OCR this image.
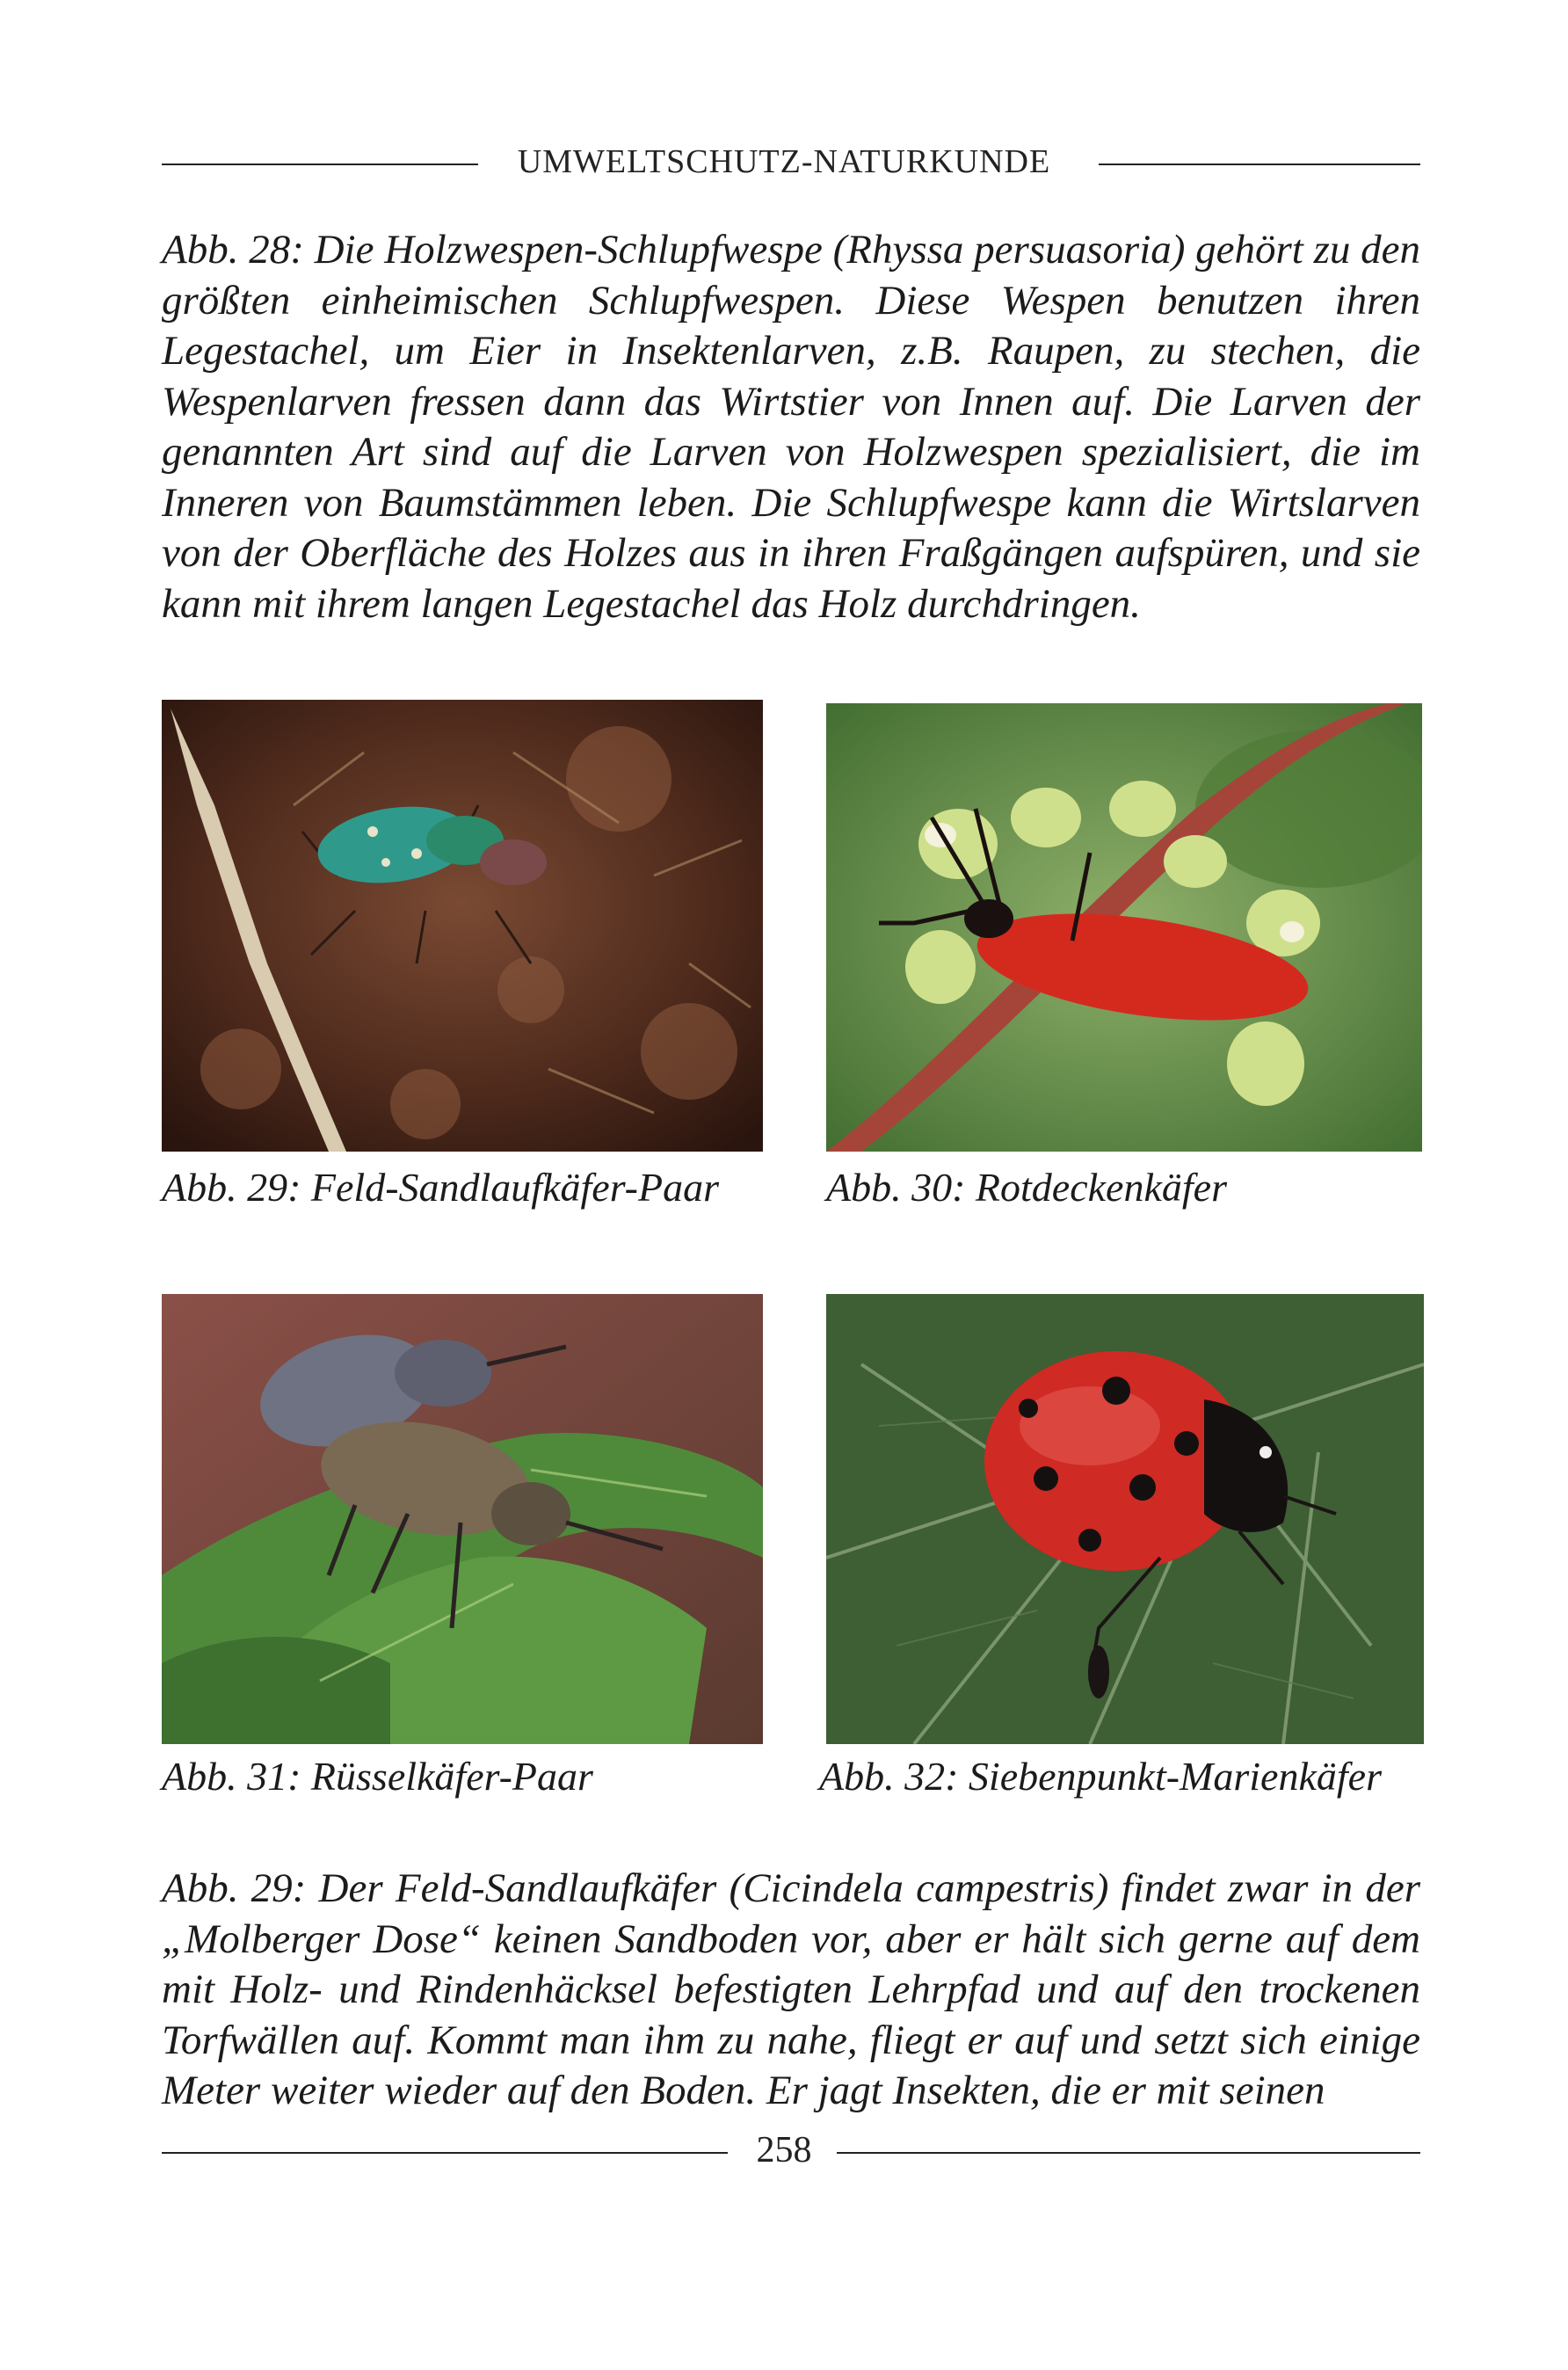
UMWELTSCHUTZ-NATURKUNDE

Abb. 28: Die Holzwespen-Schlupfwespe (Rhyssa persuasoria) gehört zu den größten einheimischen Schlupfwespen. Diese Wespen benutzen ihren Legestachel, um Eier in Insektenlarven, z.B. Raupen, zu stechen, die Wespenlarven fressen dann das Wirtstier von Innen auf. Die Larven der genannten Art sind auf die Larven von Holzwespen spezialisiert, die im Inneren von Baumstämmen leben. Die Schlupfwespe kann die Wirtslarven von der Oberfläche des Holzes aus in ihren Fraßgängen aufspüren, und sie kann mit ihrem langen Legestachel das Holz durchdringen.

Abb. 29: Feld-Sandlaufkäfer-Paar	Abb. 30: Rotdeckenkäfer
Abb. 31: Rüsselkäfer-Paar	Abb. 32: Siebenpunkt-Marienkäfer

Abb. 29: Der Feld-Sandlaufkäfer (Cicindela campestris) findet zwar in der „Molberger Dose“ keinen Sandboden vor, aber er hält sich gerne auf dem mit Holz- und Rindenhäcksel befestigten Lehrpfad und auf den trockenen Torfwällen auf. Kommt man ihm zu nahe, fliegt er auf und setzt sich einige Meter weiter wieder auf den Boden. Er jagt Insekten, die er mit seinen

258
